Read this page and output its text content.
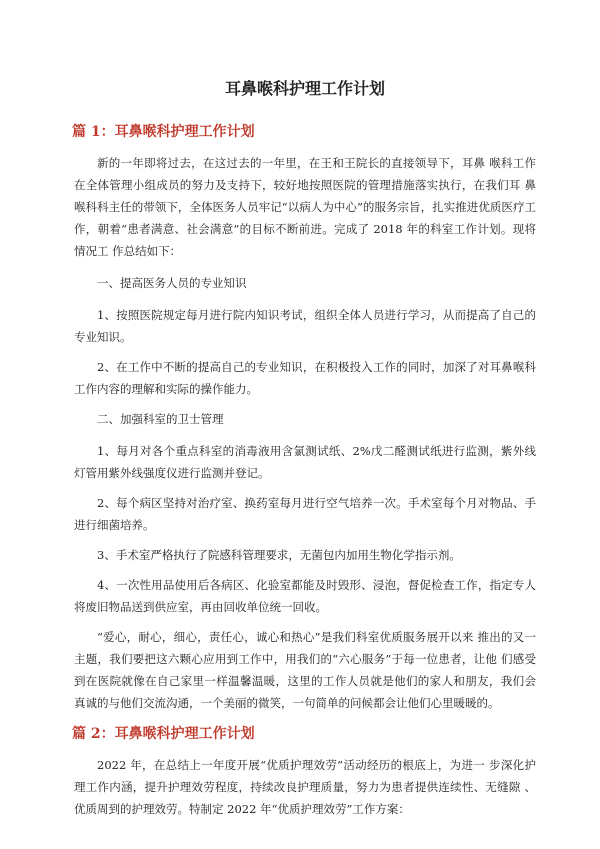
耳鼻喉科护理工作计划
篇 1：耳鼻喉科护理工作计划

新的一年即将过去，在这过去的一年里，在王和王院长的直接领导下，耳鼻 喉科工作在全体管理小组成员的努力及支持下，较好地按照医院的管理措施落实执行，在我们耳 鼻喉科科主任的带领下，全体医务人员牢记“以病人为中心”的服务宗旨，扎实推进优质医疗工 作，朝着“患者满意、社会满意”的目标不断前进。完成了 2018 年的科室工作计划。现将情况工 作总结如下：

一、提高医务人员的专业知识

1、按照医院规定每月进行院内知识考试，组织全体人员进行学习，从而提高了自己的专业知识。

2、在工作中不断的提高自己的专业知识，在积极投入工作的同时，加深了对耳鼻喉科工作内容的理解和实际的操作能力。

二、加强科室的卫士管理

1、每月对各个重点科室的消毒液用含氯测试纸、2%戊二醛测试纸进行监测，紫外线灯管用紫外线强度仪进行监测并登记。

2、每个病区坚持对治疗室、换药室每月进行空气培养一次。手术室每个月对物品、手进行细菌培养。

3、手术室严格执行了院感科管理要求，无菌包内加用生物化学指示剂。

4、一次性用品使用后各病区、化验室都能及时毁形、浸泡，督促检查工作，指定专人将废旧物品送到供应室，再由回收单位统一回收。

“爱心，耐心，细心，责任心，诚心和热心”是我们科室优质服务展开以来 推出的又一主题，我们要把这六颗心应用到工作中，用我们的“六心服务”于每一位患者，让他 们感受到在医院就像在自己家里一样温馨温暖，这里的工作人员就是他们的家人和朋友，我们会 真诚的与他们交流沟通，一个美丽的微笑，一句简单的问候都会让他们心里暖暖的。

篇 2：耳鼻喉科护理工作计划

2022 年，在总结上一年度开展“优质护理效劳”活动经历的根底上，为进一 步深化护理工作内涵，提升护理效劳程度，持续改良护理质量，努力为患者提供连续性、无缝隙 、优质周到的护理效劳。特制定 2022 年“优质护理效劳”工作方案：
